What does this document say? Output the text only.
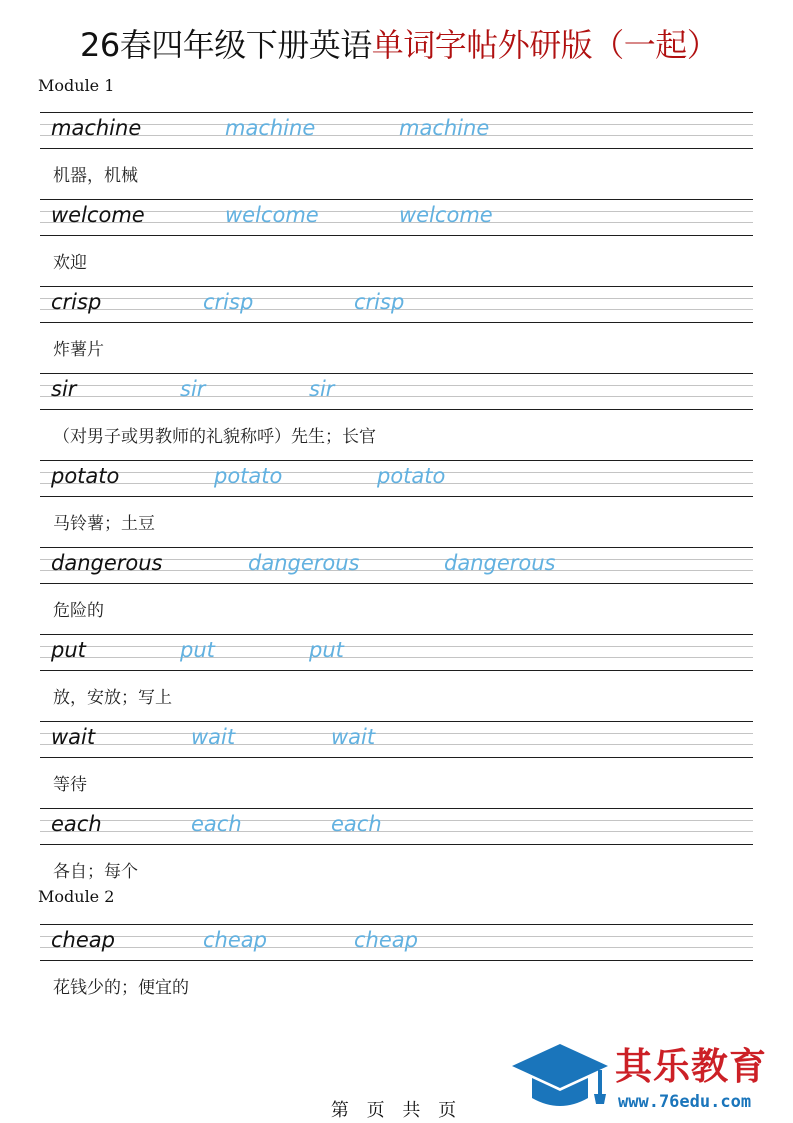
26春四年级下册英语单词字帖外研版（一起）
Module 1
machine	machine	machine
机器，机械
welcome	welcome	welcome
欢迎
crisp	crisp	crisp
炸薯片
sir	sir	sir
（对男子或男教师的礼貌称呼）先生；长官
potato	potato	potato
马铃薯；土豆
dangerous	dangerous	dangerous
危险的
put	put	put
放，安放；写上
wait	wait	wait
等待
each	each	each
各自；每个
Module 2
cheap	cheap	cheap
花钱少的；便宜的
其乐教育
www.76edu.com
第 页 共 页
